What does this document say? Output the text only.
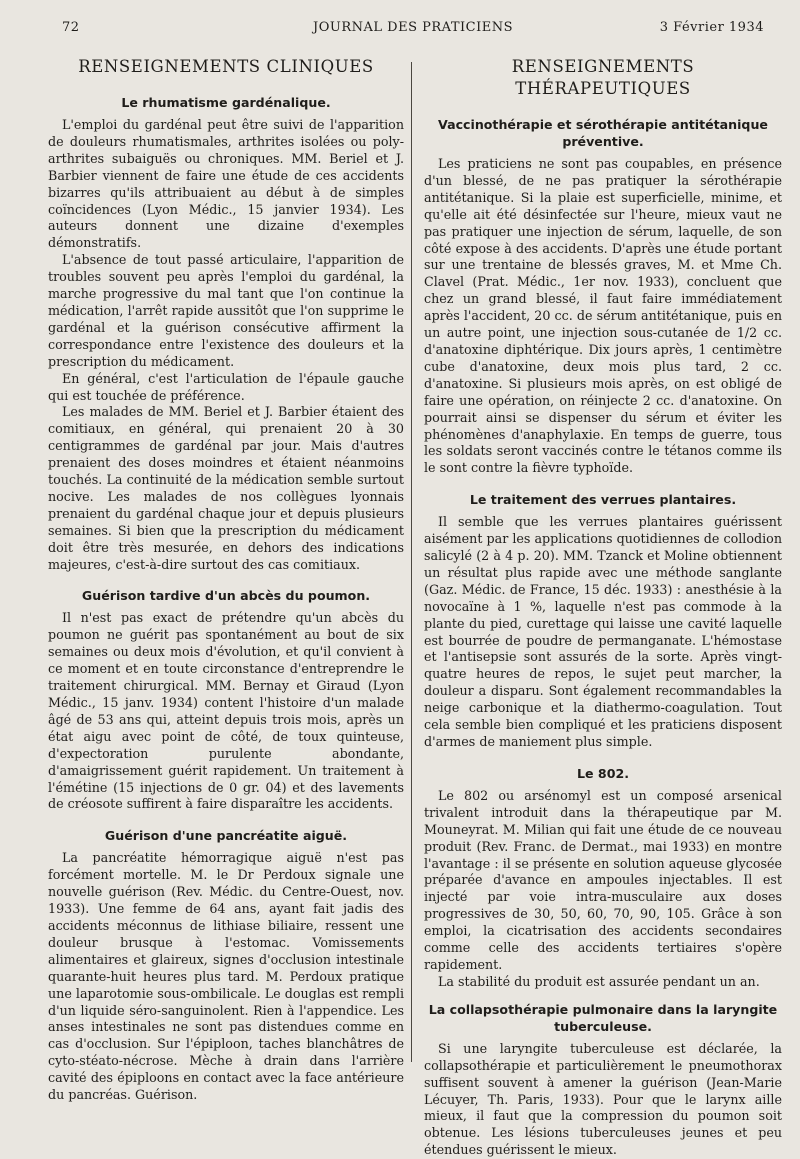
72	JOURNAL DES PRATICIENS	3 Février 1934
RENSEIGNEMENTS CLINIQUES
Le rhumatisme gardénalique.

L'emploi du gardénal peut être suivi de l'apparition de douleurs rhumatismales, arthrites isolées ou poly-arthrites subaiguës ou chroniques. MM. Beriel et J. Barbier viennent de faire une étude de ces accidents bizarres qu'ils attribuaient au début à de simples coïncidences (Lyon Médic., 15 janvier 1934). Les auteurs donnent une dizaine d'exemples démonstratifs.

L'absence de tout passé articulaire, l'apparition de troubles souvent peu après l'emploi du gardénal, la marche progressive du mal tant que l'on continue la médication, l'arrêt rapide aussitôt que l'on supprime le gardénal et la guérison consécutive affirment la correspondance entre l'existence des douleurs et la prescription du médicament.

En général, c'est l'articulation de l'épaule gauche qui est touchée de préférence.

Les malades de MM. Beriel et J. Barbier étaient des comitiaux, en général, qui prenaient 20 à 30 centigrammes de gardénal par jour. Mais d'autres prenaient des doses moindres et étaient néanmoins touchés. La continuité de la médication semble surtout nocive. Les malades de nos collègues lyonnais prenaient du gardénal chaque jour et depuis plusieurs semaines. Si bien que la prescription du médicament doit être très mesurée, en dehors des indications majeures, c'est-à-dire surtout des cas comitiaux.

Guérison tardive d'un abcès du poumon.

Il n'est pas exact de prétendre qu'un abcès du poumon ne guérit pas spontanément au bout de six semaines ou deux mois d'évolution, et qu'il convient à ce moment et en toute circonstance d'entreprendre le traitement chirurgical. MM. Bernay et Giraud (Lyon Médic., 15 janv. 1934) content l'histoire d'un malade âgé de 53 ans qui, atteint depuis trois mois, après un état aigu avec point de côté, de toux quinteuse, d'expectoration purulente abondante, d'amaigrissement guérit rapidement. Un traitement à l'émétine (15 injections de 0 gr. 04) et des lavements de créosote suffirent à faire disparaître les accidents.

Guérison d'une pancréatite aiguë.

La pancréatite hémorragique aiguë n'est pas forcément mortelle. M. le Dr Perdoux signale une nouvelle guérison (Rev. Médic. du Centre-Ouest, nov. 1933). Une femme de 64 ans, ayant fait jadis des accidents méconnus de lithiase biliaire, ressent une douleur brusque à l'estomac. Vomissements alimentaires et glaireux, signes d'occlusion intestinale quarante-huit heures plus tard. M. Perdoux pratique une laparotomie sous-ombilicale. Le douglas est rempli d'un liquide séro-sanguinolent. Rien à l'appendice. Les anses intestinales ne sont pas distendues comme en cas d'occlusion. Sur l'épiploon, taches blanchâtres de cyto-stéato-nécrose. Mèche à drain dans l'arrière cavité des épiploons en contact avec la face antérieure du pancréas. Guérison.

RENSEIGNEMENTS THÉRAPEUTIQUES
Vaccinothérapie et sérothérapie antitétanique préventive.

Les praticiens ne sont pas coupables, en présence d'un blessé, de ne pas pratiquer la sérothérapie antitétanique. Si la plaie est superficielle, minime, et qu'elle ait été désinfectée sur l'heure, mieux vaut ne pas pratiquer une injection de sérum, laquelle, de son côté expose à des accidents. D'après une étude portant sur une trentaine de blessés graves, M. et Mme Ch. Clavel (Prat. Médic., 1er nov. 1933), concluent que chez un grand blessé, il faut faire immédiatement après l'accident, 20 cc. de sérum antitétanique, puis en un autre point, une injection sous-cutanée de 1/2 cc. d'anatoxine diphtérique. Dix jours après, 1 centimètre cube d'anatoxine, deux mois plus tard, 2 cc. d'anatoxine. Si plusieurs mois après, on est obligé de faire une opération, on réinjecte 2 cc. d'anatoxine. On pourrait ainsi se dispenser du sérum et éviter les phénomènes d'anaphylaxie. En temps de guerre, tous les soldats seront vaccinés contre le tétanos comme ils le sont contre la fièvre typhoïde.

Le traitement des verrues plantaires.

Il semble que les verrues plantaires guérissent aisément par les applications quotidiennes de collodion salicylé (2 à 4 p. 20). MM. Tzanck et Moline obtiennent un résultat plus rapide avec une méthode sanglante (Gaz. Médic. de France, 15 déc. 1933) : anesthésie à la novocaïne à 1 %, laquelle n'est pas commode à la plante du pied, curettage qui laisse une cavité laquelle est bourrée de poudre de permanganate. L'hémostase et l'antisepsie sont assurés de la sorte. Après vingt-quatre heures de repos, le sujet peut marcher, la douleur a disparu. Sont également recommandables la neige carbonique et la diathermo-coagulation. Tout cela semble bien compliqué et les praticiens disposent d'armes de maniement plus simple.

Le 802.

Le 802 ou arsénomyl est un composé arsenical trivalent introduit dans la thérapeutique par M. Mouneyrat. M. Milian qui fait une étude de ce nouveau produit (Rev. Franc. de Dermat., mai 1933) en montre l'avantage : il se présente en solution aqueuse glycosée préparée d'avance en ampoules injectables. Il est injecté par voie intra-musculaire aux doses progressives de 30, 50, 60, 70, 90, 105. Grâce à son emploi, la cicatrisation des accidents secondaires comme celle des accidents tertiaires s'opère rapidement.

La stabilité du produit est assurée pendant un an.

La collapsothérapie pulmonaire dans la laryngite tuberculeuse.

Si une laryngite tuberculeuse est déclarée, la collapsothérapie et particulièrement le pneumothorax suffisent souvent à amener la guérison (Jean-Marie Lécuyer, Th. Paris, 1933). Pour que le larynx aille mieux, il faut que la compression du poumon soit obtenue. Les lésions tuberculeuses jeunes et peu étendues guérissent le mieux.
